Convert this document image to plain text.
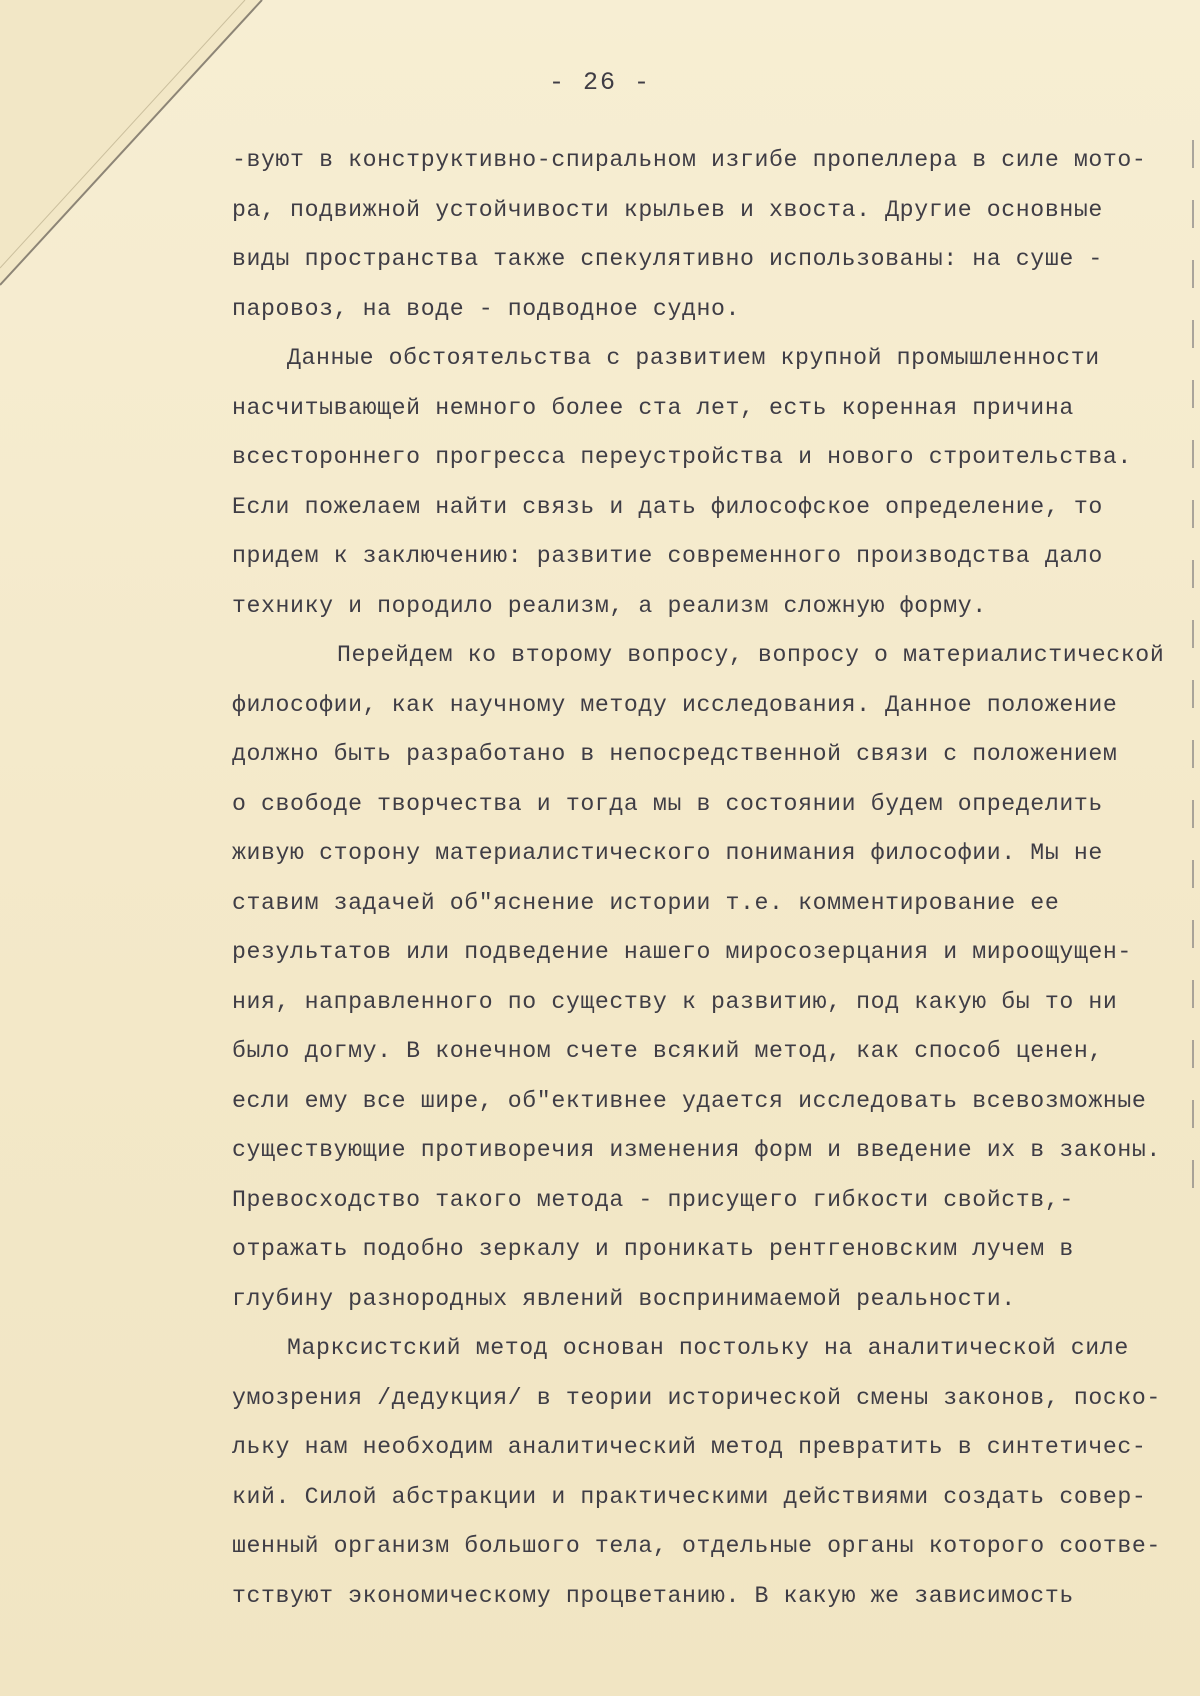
- 26 -
-вуют в конструктивно-спиральном изгибе пропеллера в силе мото-
ра, подвижной устойчивости крыльев и хвоста. Другие основные
виды пространства также спекулятивно использованы: на суше -
паровоз, на воде - подводное судно.
Данные обстоятельства с развитием крупной промышленности
насчитывающей немного более ста лет, есть коренная причина
всестороннего прогресса переустройства и нового строительства.
Если пожелаем найти связь и дать философское определение, то
придем к заключению: развитие современного производства дало
технику и породило реализм, а реализм сложную форму.
Перейдем ко второму вопросу, вопросу о материалистической
философии, как научному методу исследования. Данное положение
должно быть разработано в непосредственной связи с положением
о свободе творчества и тогда мы в состоянии будем определить
живую сторону материалистического понимания философии. Мы не
ставим задачей об"яснение истории т.е. комментирование ее
результатов или подведение нашего миросозерцания и мироощущен-
ния, направленного по существу к развитию, под какую бы то ни
было догму. В конечном счете всякий метод, как способ ценен,
если ему все шире, об"ективнее удается исследовать всевозможные
существующие противоречия изменения форм и введение их в законы.
Превосходство такого метода - присущего гибкости свойств,-
отражать подобно зеркалу и проникать рентгеновским лучем в
глубину разнородных явлений воспринимаемой реальности.
Марксистский метод основан постольку на аналитической силе
умозрения /дедукция/ в теории исторической смены законов, поско-
льку нам необходим аналитический метод превратить в синтетичес-
кий. Силой абстракции и практическими действиями создать совер-
шенный организм большого тела, отдельные органы которого соотве-
тствуют экономическому процветанию. В какую же зависимость
